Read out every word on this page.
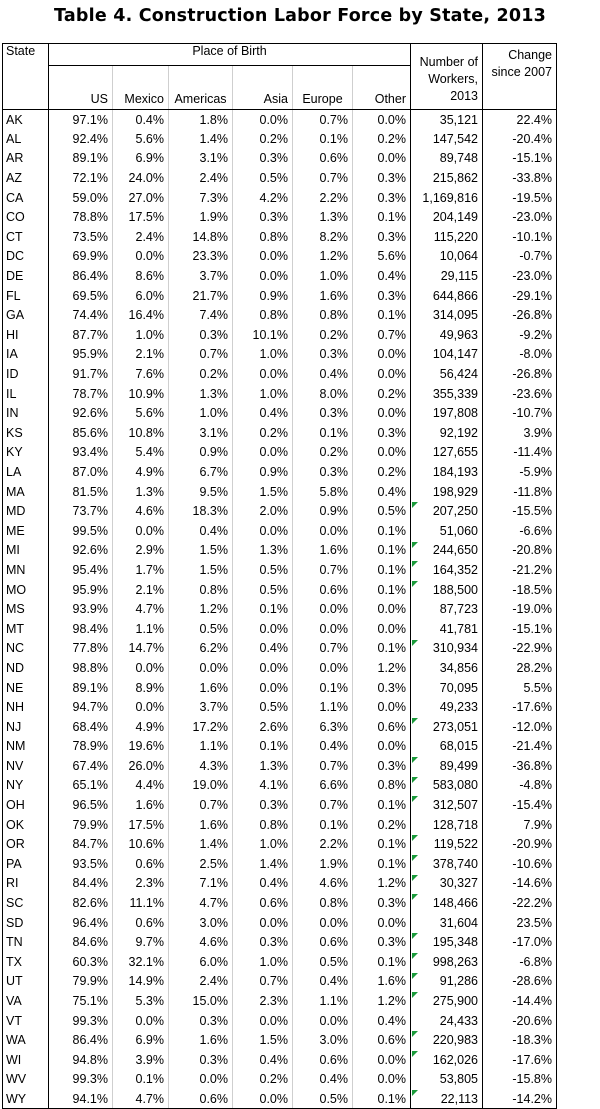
Table 4. Construction Labor Force by State, 2013
State	Place of Birth						Number of Workers, 2013	Change since 2007
	US	Mexico	Americas	Asia	Europe	Other		
AK	97.1%	0.4%	1.8%	0.0%	0.7%	0.0%	35,121	22.4%
AL	92.4%	5.6%	1.4%	0.2%	0.1%	0.2%	147,542	-20.4%
AR	89.1%	6.9%	3.1%	0.3%	0.6%	0.0%	89,748	-15.1%
AZ	72.1%	24.0%	2.4%	0.5%	0.7%	0.3%	215,862	-33.8%
CA	59.0%	27.0%	7.3%	4.2%	2.2%	0.3%	1,169,816	-19.5%
CO	78.8%	17.5%	1.9%	0.3%	1.3%	0.1%	204,149	-23.0%
CT	73.5%	2.4%	14.8%	0.8%	8.2%	0.3%	115,220	-10.1%
DC	69.9%	0.0%	23.3%	0.0%	1.2%	5.6%	10,064	-0.7%
DE	86.4%	8.6%	3.7%	0.0%	1.0%	0.4%	29,115	-23.0%
FL	69.5%	6.0%	21.7%	0.9%	1.6%	0.3%	644,866	-29.1%
GA	74.4%	16.4%	7.4%	0.8%	0.8%	0.1%	314,095	-26.8%
HI	87.7%	1.0%	0.3%	10.1%	0.2%	0.7%	49,963	-9.2%
IA	95.9%	2.1%	0.7%	1.0%	0.3%	0.0%	104,147	-8.0%
ID	91.7%	7.6%	0.2%	0.0%	0.4%	0.0%	56,424	-26.8%
IL	78.7%	10.9%	1.3%	1.0%	8.0%	0.2%	355,339	-23.6%
IN	92.6%	5.6%	1.0%	0.4%	0.3%	0.0%	197,808	-10.7%
KS	85.6%	10.8%	3.1%	0.2%	0.1%	0.3%	92,192	3.9%
KY	93.4%	5.4%	0.9%	0.0%	0.2%	0.0%	127,655	-11.4%
LA	87.0%	4.9%	6.7%	0.9%	0.3%	0.2%	184,193	-5.9%
MA	81.5%	1.3%	9.5%	1.5%	5.8%	0.4%	198,929	-11.8%
MD	73.7%	4.6%	18.3%	2.0%	0.9%	0.5%	207,250	-15.5%
ME	99.5%	0.0%	0.4%	0.0%	0.0%	0.1%	51,060	-6.6%
MI	92.6%	2.9%	1.5%	1.3%	1.6%	0.1%	244,650	-20.8%
MN	95.4%	1.7%	1.5%	0.5%	0.7%	0.1%	164,352	-21.2%
MO	95.9%	2.1%	0.8%	0.5%	0.6%	0.1%	188,500	-18.5%
MS	93.9%	4.7%	1.2%	0.1%	0.0%	0.0%	87,723	-19.0%
MT	98.4%	1.1%	0.5%	0.0%	0.0%	0.0%	41,781	-15.1%
NC	77.8%	14.7%	6.2%	0.4%	0.7%	0.1%	310,934	-22.9%
ND	98.8%	0.0%	0.0%	0.0%	0.0%	1.2%	34,856	28.2%
NE	89.1%	8.9%	1.6%	0.0%	0.1%	0.3%	70,095	5.5%
NH	94.7%	0.0%	3.7%	0.5%	1.1%	0.0%	49,233	-17.6%
NJ	68.4%	4.9%	17.2%	2.6%	6.3%	0.6%	273,051	-12.0%
NM	78.9%	19.6%	1.1%	0.1%	0.4%	0.0%	68,015	-21.4%
NV	67.4%	26.0%	4.3%	1.3%	0.7%	0.3%	89,499	-36.8%
NY	65.1%	4.4%	19.0%	4.1%	6.6%	0.8%	583,080	-4.8%
OH	96.5%	1.6%	0.7%	0.3%	0.7%	0.1%	312,507	-15.4%
OK	79.9%	17.5%	1.6%	0.8%	0.1%	0.2%	128,718	7.9%
OR	84.7%	10.6%	1.4%	1.0%	2.2%	0.1%	119,522	-20.9%
PA	93.5%	0.6%	2.5%	1.4%	1.9%	0.1%	378,740	-10.6%
RI	84.4%	2.3%	7.1%	0.4%	4.6%	1.2%	30,327	-14.6%
SC	82.6%	11.1%	4.7%	0.6%	0.8%	0.3%	148,466	-22.2%
SD	96.4%	0.6%	3.0%	0.0%	0.0%	0.0%	31,604	23.5%
TN	84.6%	9.7%	4.6%	0.3%	0.6%	0.3%	195,348	-17.0%
TX	60.3%	32.1%	6.0%	1.0%	0.5%	0.1%	998,263	-6.8%
UT	79.9%	14.9%	2.4%	0.7%	0.4%	1.6%	91,286	-28.6%
VA	75.1%	5.3%	15.0%	2.3%	1.1%	1.2%	275,900	-14.4%
VT	99.3%	0.0%	0.3%	0.0%	0.0%	0.4%	24,433	-20.6%
WA	86.4%	6.9%	1.6%	1.5%	3.0%	0.6%	220,983	-18.3%
WI	94.8%	3.9%	0.3%	0.4%	0.6%	0.0%	162,026	-17.6%
WV	99.3%	0.1%	0.0%	0.2%	0.4%	0.0%	53,805	-15.8%
WY	94.1%	4.7%	0.6%	0.0%	0.5%	0.1%	22,113	-14.2%
